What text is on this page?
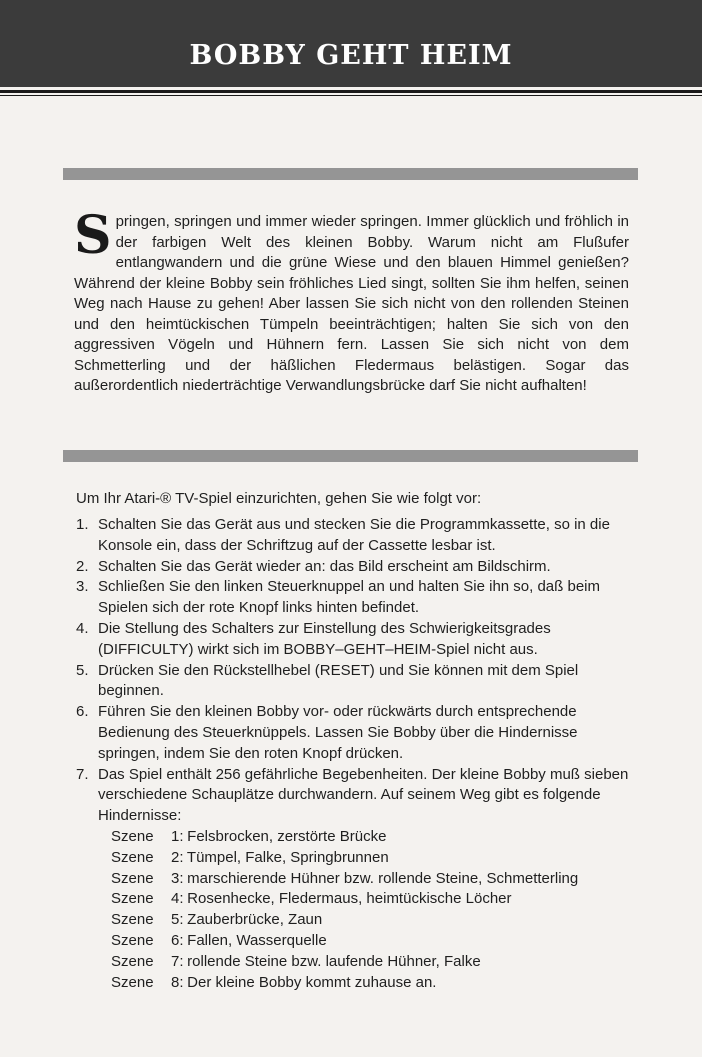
BOBBY GEHT HEIM
Springen, springen und immer wieder springen. Immer glücklich und fröhlich in der farbigen Welt des kleinen Bobby. Warum nicht am Flußufer entlangwandern und die grüne Wiese und den blauen Himmel genießen? Während der kleine Bobby sein fröhliches Lied singt, sollten Sie ihm helfen, seinen Weg nach Hause zu gehen! Aber lassen Sie sich nicht von den rollenden Steinen und den heimtückischen Tümpeln beeinträchtigen; halten Sie sich von den aggressiven Vögeln und Hühnern fern. Lassen Sie sich nicht von dem Schmetterling und der häßlichen Fledermaus belästigen. Sogar das außerordentlich niederträchtige Verwandlungsbrücke darf Sie nicht aufhalten!
Um Ihr Atari-® TV-Spiel einzurichten, gehen Sie wie folgt vor:
1. Schalten Sie das Gerät aus und stecken Sie die Programmkassette, so in die Konsole ein, dass der Schriftzug auf der Cassette lesbar ist.
2. Schalten Sie das Gerät wieder an: das Bild erscheint am Bildschirm.
3. Schließen Sie den linken Steuerknuppel an und halten Sie ihn so, daß beim Spielen sich der rote Knopf links hinten befindet.
4. Die Stellung des Schalters zur Einstellung des Schwierigkeitsgrades (DIFFICULTY) wirkt sich im BOBBY–GEHT–HEIM-Spiel nicht aus.
5. Drücken Sie den Rückstellhebel (RESET) und Sie können mit dem Spiel beginnen.
6. Führen Sie den kleinen Bobby vor- oder rückwärts durch entsprechende Bedienung des Steuerknüppels. Lassen Sie Bobby über die Hindernisse springen, indem Sie den roten Knopf drücken.
7. Das Spiel enthält 256 gefährliche Begebenheiten. Der kleine Bobby muß sieben verschiedene Schauplätze durchwandern. Auf seinem Weg gibt es folgende Hindernisse:
Szene 1: Felsbrocken, zerstörte Brücke
Szene 2: Tümpel, Falke, Springbrunnen
Szene 3: marschierende Hühner bzw. rollende Steine, Schmetterling
Szene 4: Rosenhecke, Fledermaus, heimtückische Löcher
Szene 5: Zauberbrücke, Zaun
Szene 6: Fallen, Wasserquelle
Szene 7: rollende Steine bzw. laufende Hühner, Falke
Szene 8: Der kleine Bobby kommt zuhause an.
